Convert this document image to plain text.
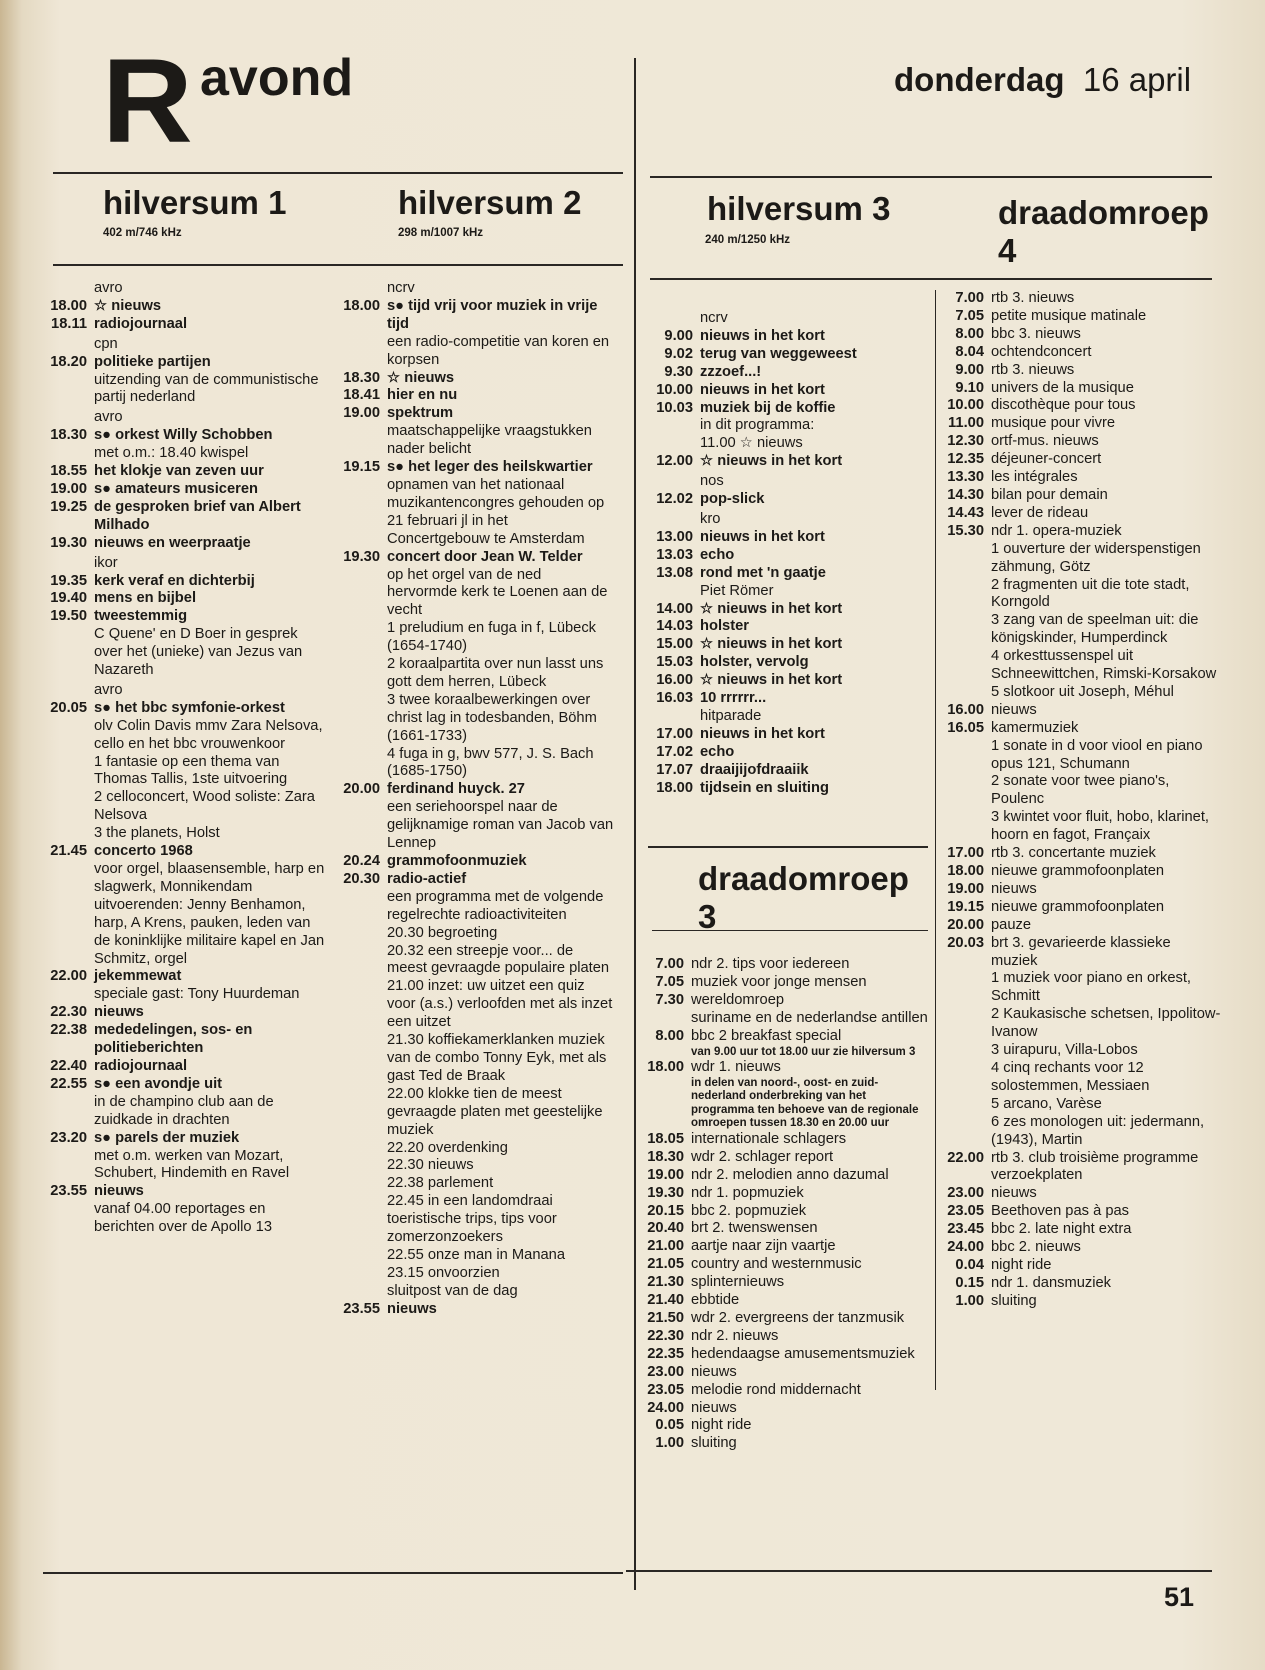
R avond	donderdag 16 april
hilversum 1
402 m/746 kHz
hilversum 2
298 m/1007 kHz
hilversum 3
240 m/1250 kHz
draadomroep 4
draadomroep 3
avro
18.00 ☆ nieuws
18.11 radiojournaal
cpn
18.20 politieke partijen
uitzending van de communistische partij nederland
avro
18.30 s● orkest Willy Schobben
met o.m.: 18.40 kwispel
18.55 het klokje van zeven uur
19.00 s● amateurs musiceren
19.25 de gesproken brief van Albert Milhado
19.30 nieuws en weerpraatje
ikor
19.35 kerk veraf en dichterbij
19.40 mens en bijbel
19.50 tweestemmig
C Quene' en D Boer in gesprek over het (unieke) van Jezus van Nazareth
avro
20.05 s● het bbc symfonie-orkest
olv Colin Davis mmv Zara Nelsova, cello en het bbc vrouwenkoor
1 fantasie op een thema van Thomas Tallis, 1ste uitvoering
2 celloconcert, Wood soliste: Zara Nelsova
3 the planets, Holst
21.45 concerto 1968
voor orgel, blaasensemble, harp en slagwerk, Monnikendam
uitvoerenden: Jenny Benhamon, harp, A Krens, pauken, leden van de koninklijke militaire kapel en Jan Schmitz, orgel
22.00 jekemmewat
speciale gast: Tony Huurdeman
22.30 nieuws
22.38 mededelingen, sos- en politieberichten
22.40 radiojournaal
22.55 s● een avondje uit
in de champino club aan de zuidkade in drachten
23.20 s● parels der muziek
met o.m. werken van Mozart, Schubert, Hindemith en Ravel
23.55 nieuws
vanaf 04.00 reportages en berichten over de Apollo 13
ncrv
18.00 s● tijd vrij voor muziek in vrije tijd
een radio-competitie van koren en korpsen
18.30 ☆ nieuws
18.41 hier en nu
19.00 spektrum
maatschappelijke vraagstukken nader belicht
19.15 s● het leger des heilskwartier
opnamen van het nationaal muzikantencongres gehouden op 21 februari jl in het Concertgebouw te Amsterdam
19.30 concert door Jean W. Telder
op het orgel van de ned hervormde kerk te Loenen aan de vecht
1 preludium en fuga in f, Lübeck (1654-1740)
2 koraalpartita over nun lasst uns gott dem herren, Lübeck
3 twee koraalbewerkingen over christ lag in todesbanden, Böhm (1661-1733)
4 fuga in g, bwv 577, J. S. Bach (1685-1750)
20.00 ferdinand huyck. 27
een seriehoorspel naar de gelijknamige roman van Jacob van Lennep
20.24 grammofoonmuziek
20.30 radio-actief
een programma met de volgende regelrechte radioactiviteiten
20.30 begroeting
20.32 een streepje voor... de meest gevraagde populaire platen
21.00 inzet: uw uitzet een quiz voor (a.s.) verloofden met als inzet een uitzet
21.30 koffiekamerklanken muziek van de combo Tonny Eyk, met als gast Ted de Braak
22.00 klokke tien de meest gevraagde platen met geestelijke muziek
22.20 overdenking
22.30 nieuws
22.38 parlement
22.45 in een landomdraai toeristische trips, tips voor zomerzonzoekers
22.55 onze man in Manana
23.15 onvoorzien
sluitpost van de dag
23.55 nieuws
ncrv
9.00 nieuws in het kort
9.02 terug van weggeweest
9.30 zzzoef...!
10.00 nieuws in het kort
10.03 muziek bij de koffie
in dit programma:
11.00 ☆ nieuws
12.00 ☆ nieuws in het kort
nos
12.02 pop-slick
kro
13.00 nieuws in het kort
13.03 echo
13.08 rond met 'n gaatje
Piet Römer
14.00 ☆ nieuws in het kort
14.03 holster
15.00 ☆ nieuws in het kort
15.03 holster, vervolg
16.00 ☆ nieuws in het kort
16.03 10 rrrrrr...
hitparade
17.00 nieuws in het kort
17.02 echo
17.07 draaijijofdraaiik
18.00 tijdsein en sluiting
7.00 ndr 2. tips voor iedereen
7.05 muziek voor jonge mensen
7.30 wereldomroep
suriname en de nederlandse antillen
8.00 bbc 2 breakfast special
van 9.00 uur tot 18.00 uur zie hilversum 3
18.00 wdr 1. nieuws
in delen van noord-, oost- en zuid-nederland onderbreking van het programma ten behoeve van de regionale omroepen tussen 18.30 en 20.00 uur
18.05 internationale schlagers
18.30 wdr 2. schlager report
19.00 ndr 2. melodien anno dazumal
19.30 ndr 1. popmuziek
20.15 bbc 2. popmuziek
20.40 brt 2. twenswensen
21.00 aartje naar zijn vaartje
21.05 country and westernmusic
21.30 splinternieuws
21.40 ebbtide
21.50 wdr 2. evergreens der tanzmusik
22.30 ndr 2. nieuws
22.35 hedendaagse amusementsmuziek
23.00 nieuws
23.05 melodie rond middernacht
24.00 nieuws
0.05 night ride
1.00 sluiting
7.00 rtb 3. nieuws
7.05 petite musique matinale
8.00 bbc 3. nieuws
8.04 ochtendconcert
9.00 rtb 3. nieuws
9.10 univers de la musique
10.00 discothèque pour tous
11.00 musique pour vivre
12.30 ortf-mus. nieuws
12.35 déjeuner-concert
13.30 les intégrales
14.30 bilan pour demain
14.43 lever de rideau
15.30 ndr 1. opera-muziek
1 ouverture der widerspenstigen zähmung, Götz
2 fragmenten uit die tote stadt, Korngold
3 zang van de speelman uit: die königskinder, Humperdinck
4 orkesttussenspel uit Schneewittchen, Rimski-Korsakow
5 slotkoor uit Joseph, Méhul
16.00 nieuws
16.05 kamermuziek
1 sonate in d voor viool en piano opus 121, Schumann
2 sonate voor twee piano's, Poulenc
3 kwintet voor fluit, hobo, klarinet, hoorn en fagot, Françaix
17.00 rtb 3. concertante muziek
18.00 nieuwe grammofoonplaten
19.00 nieuws
19.15 nieuwe grammofoonplaten
20.00 pauze
20.03 brt 3. gevarieerde klassieke muziek
1 muziek voor piano en orkest, Schmitt
2 Kaukasische schetsen, Ippolitow-Ivanow
3 uirapuru, Villa-Lobos
4 cinq rechants voor 12 solostemmen, Messiaen
5 arcano, Varèse
6 zes monologen uit: jedermann, (1943), Martin
22.00 rtb 3. club troisième programme
verzoekplaten
23.00 nieuws
23.05 Beethoven pas à pas
23.45 bbc 2. late night extra
24.00 bbc 2. nieuws
0.04 night ride
0.15 ndr 1. dansmuziek
1.00 sluiting
51
